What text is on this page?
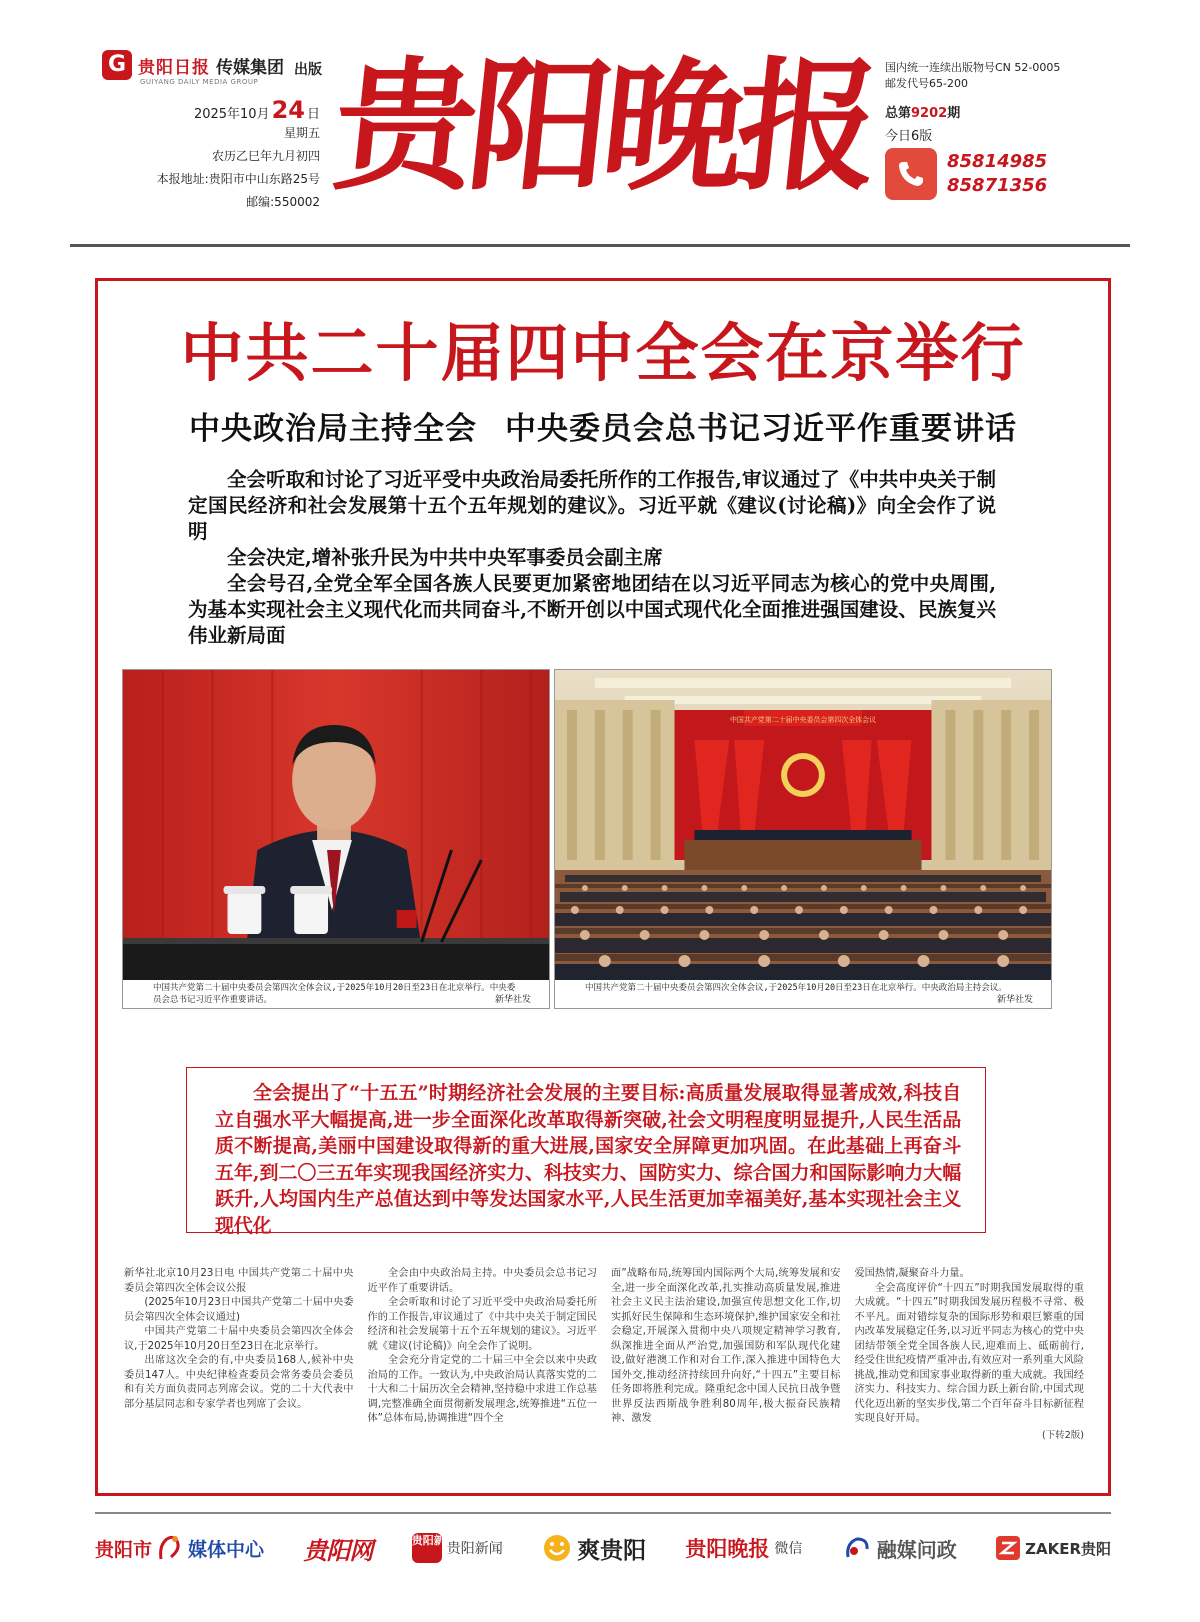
G 贵阳日报 传媒集团 出版
GUIYANG DAILY MEDIA GROUP
2025年10月 24 日
星期五
农历乙巳年九月初四
本报地址:贵阳市中山东路25号
邮编:550002 贵阳晚报 国内统一连续出版物号CN 52-0005
邮发代号65-200
总第9202期
今日6版
85814985
85871356
中共二十届四中全会在京举行
中央政治局主持全会 中央委员会总书记习近平作重要讲话

全会听取和讨论了习近平受中央政治局委托所作的工作报告,审议通过了《中共中央关于制定国民经济和社会发展第十五个五年规划的建议》。习近平就《建议(讨论稿)》向全会作了说明

全会决定,增补张升民为中共中央军事委员会副主席

全会号召,全党全军全国各族人民要更加紧密地团结在以习近平同志为核心的党中央周围,为基本实现社会主义现代化而共同奋斗,不断开创以中国式现代化全面推进强国建设、民族复兴伟业新局面

中国共产党第二十届中央委员会第四次全体会议,于2025年10月20日至23日在北京举行。中央委员会总书记习近平作重要讲话。	新华社发
中国共产党第二十届中央委员会第四次全体会议
中国共产党第二十届中央委员会第四次全体会议,于2025年10月20日至23日在北京举行。中央政治局主持会议。
新华社发

全会提出了“十五五”时期经济社会发展的主要目标:高质量发展取得显著成效,科技自立自强水平大幅提高,进一步全面深化改革取得新突破,社会文明程度明显提升,人民生活品质不断提高,美丽中国建设取得新的重大进展,国家安全屏障更加巩固。在此基础上再奋斗五年,到二〇三五年实现我国经济实力、科技实力、国防实力、综合国力和国际影响力大幅跃升,人均国内生产总值达到中等发达国家水平,人民生活更加幸福美好,基本实现社会主义现代化

新华社北京10月23日电 中国共产党第二十届中央委员会第四次全体会议公报

(2025年10月23日中国共产党第二十届中央委员会第四次全体会议通过)

中国共产党第二十届中央委员会第四次全体会议,于2025年10月20日至23日在北京举行。

出席这次全会的有,中央委员168人,候补中央委员147人。中央纪律检查委员会常务委员会委员和有关方面负责同志列席会议。党的二十大代表中部分基层同志和专家学者也列席了会议。

全会由中央政治局主持。中央委员会总书记习近平作了重要讲话。

全会听取和讨论了习近平受中央政治局委托所作的工作报告,审议通过了《中共中央关于制定国民经济和社会发展第十五个五年规划的建议》。习近平就《建议(讨论稿)》向全会作了说明。

全会充分肯定党的二十届三中全会以来中央政治局的工作。一致认为,中央政治局认真落实党的二十大和二十届历次全会精神,坚持稳中求进工作总基调,完整准确全面贯彻新发展理念,统筹推进“五位一体”总体布局,协调推进“四个全

面”战略布局,统筹国内国际两个大局,统筹发展和安全,进一步全面深化改革,扎实推动高质量发展,推进社会主义民主法治建设,加强宣传思想文化工作,切实抓好民生保障和生态环境保护,维护国家安全和社会稳定,开展深入贯彻中央八项规定精神学习教育,纵深推进全面从严治党,加强国防和军队现代化建设,做好港澳工作和对台工作,深入推进中国特色大国外交,推动经济持续回升向好,“十四五”主要目标任务即将胜利完成。隆重纪念中国人民抗日战争暨世界反法西斯战争胜利80周年,极大振奋民族精神、激发

爱国热情,凝聚奋斗力量。

全会高度评价“十四五”时期我国发展取得的重大成就。“十四五”时期我国发展历程极不寻常、极不平凡。面对错综复杂的国际形势和艰巨繁重的国内改革发展稳定任务,以习近平同志为核心的党中央团结带领全党全国各族人民,迎难而上、砥砺前行,经受住世纪疫情严重冲击,有效应对一系列重大风险挑战,推动党和国家事业取得新的重大成就。我国经济实力、科技实力、综合国力跃上新台阶,中国式现代化迈出新的坚实步伐,第二个百年奋斗目标新征程实现良好开局。

(下转2版)
贵阳市 媒体中心 贵阳网	贵阳新闻
贵阳新闻	爽贵阳 贵阳晚报 微信	融媒问政	ZAKER贵阳
